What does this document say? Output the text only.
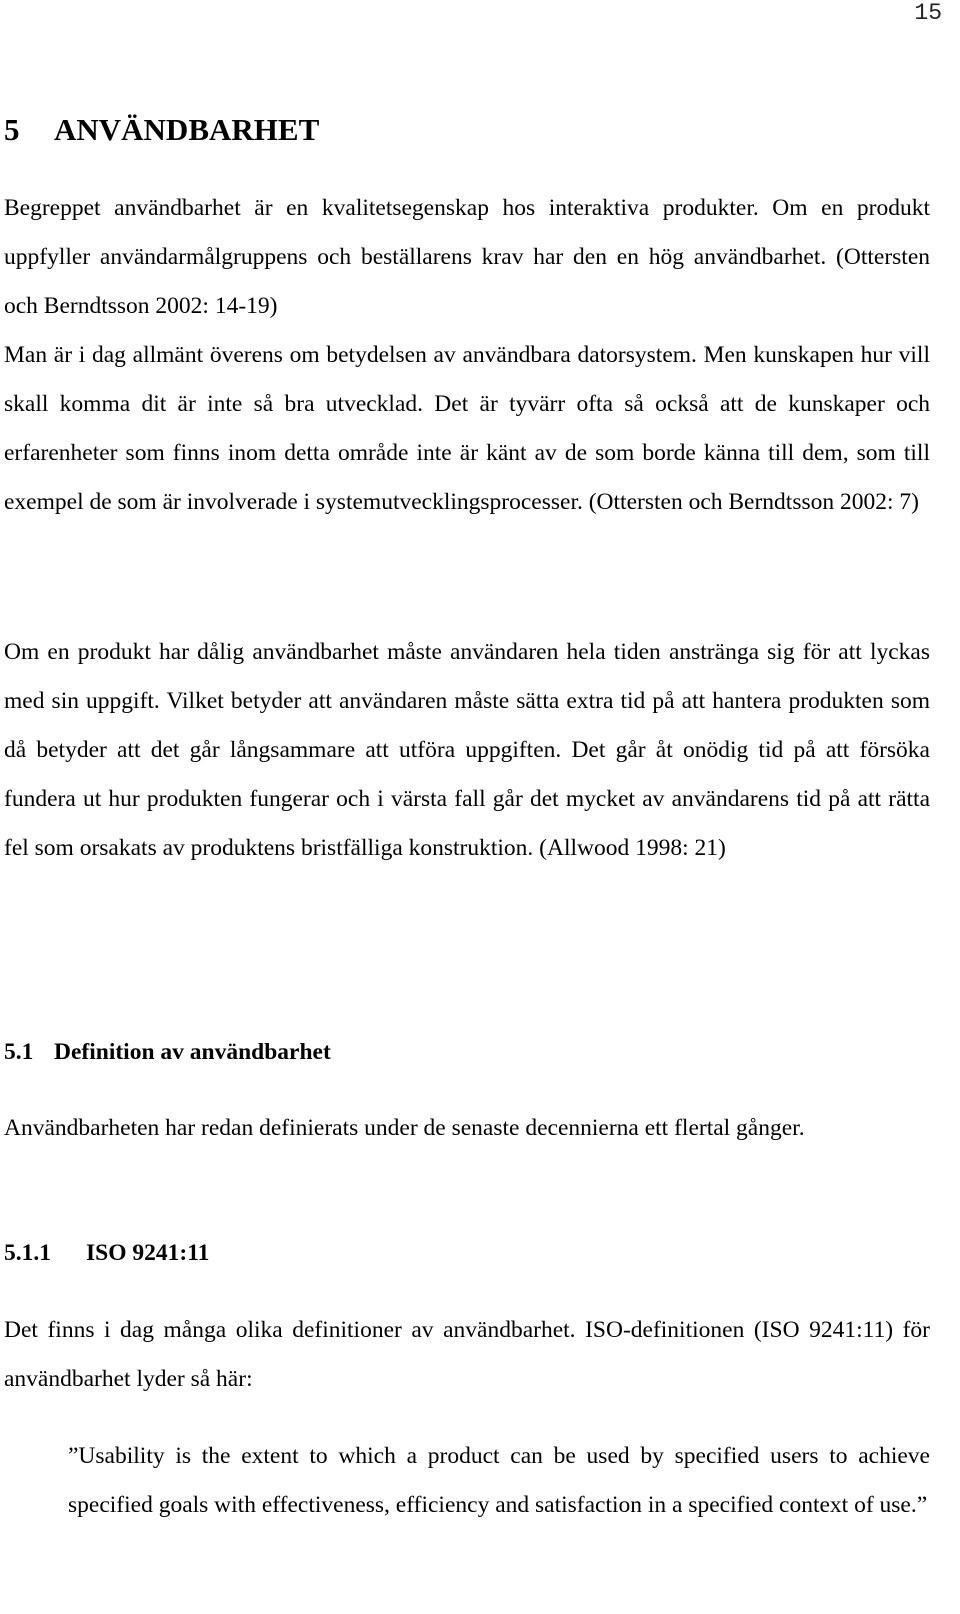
15
5 ANVÄNDBARHET

Begreppet användbarhet är en kvalitetsegenskap hos interaktiva produkter. Om en produkt uppfyller användarmålgruppens och beställarens krav har den en hög användbarhet. (Ottersten och Berndtsson 2002: 14-19)

Man är i dag allmänt överens om betydelsen av användbara datorsystem. Men kunskapen hur vill skall komma dit är inte så bra utvecklad. Det är tyvärr ofta så också att de kunskaper och erfarenheter som finns inom detta område inte är känt av de som borde känna till dem, som till exempel de som är involverade i systemutvecklingsprocesser. (Ottersten och Berndtsson 2002: 7)

Om en produkt har dålig användbarhet måste användaren hela tiden anstränga sig för att lyckas med sin uppgift. Vilket betyder att användaren måste sätta extra tid på att hantera produkten som då betyder att det går långsammare att utföra uppgiften. Det går åt onödig tid på att försöka fundera ut hur produkten fungerar och i värsta fall går det mycket av användarens tid på att rätta fel som orsakats av produktens bristfälliga konstruktion. (Allwood 1998: 21)

5.1 Definition av användbarhet

Användbarheten har redan definierats under de senaste decennierna ett flertal gånger.

5.1.1 ISO 9241:11

Det finns i dag många olika definitioner av användbarhet. ISO-definitionen (ISO 9241:11) för användbarhet lyder så här:

”Usability is the extent to which a product can be used by specified users to achieve specified goals with effectiveness, efficiency and satisfaction in a specified context of use.”
